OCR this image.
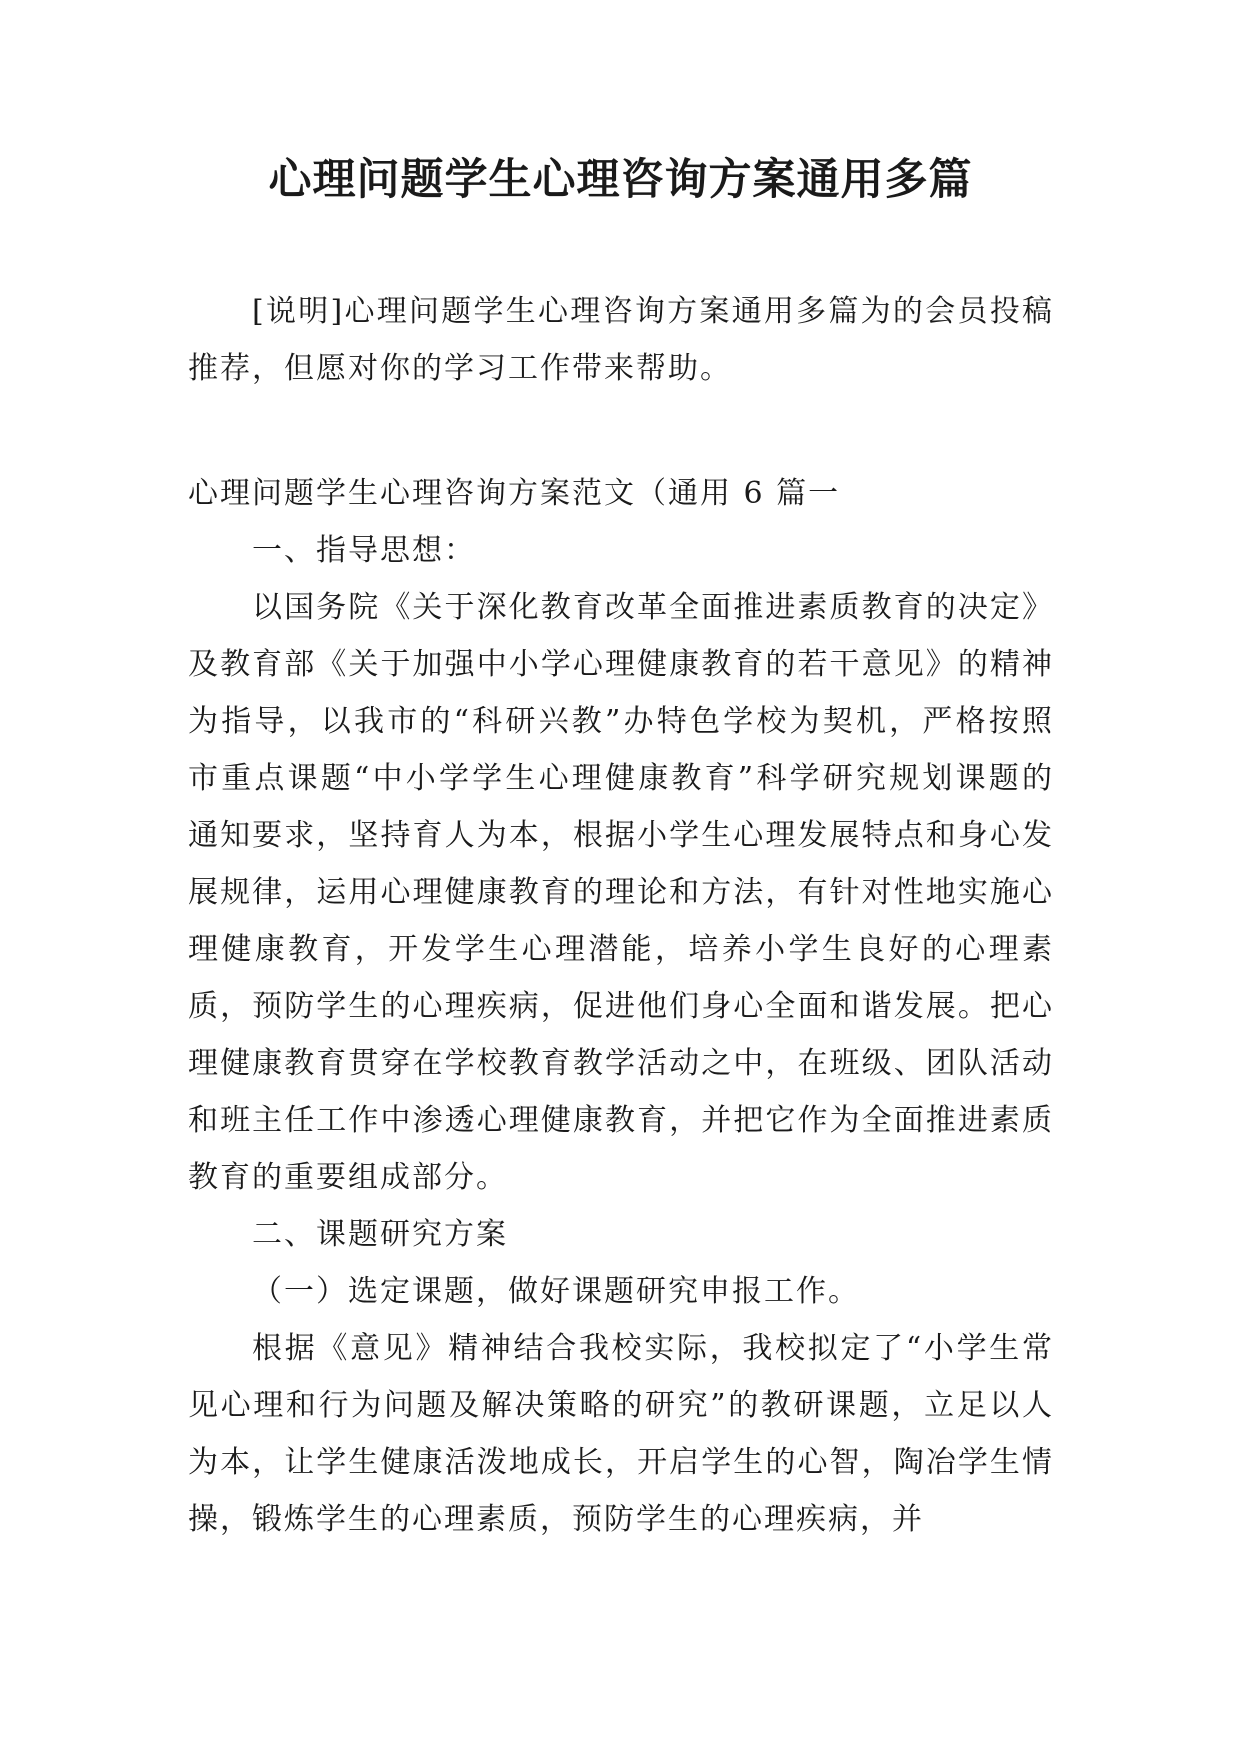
心理问题学生心理咨询方案通用多篇

[说明]心理问题学生心理咨询方案通用多篇为的会员投稿推荐，但愿对你的学习工作带来帮助。

心理问题学生心理咨询方案范文（通用 6 篇一

一、指导思想：

以国务院《关于深化教育改革全面推进素质教育的决定》及教育部《关于加强中小学心理健康教育的若干意见》的精神为指导，以我市的“科研兴教”办特色学校为契机，严格按照市重点课题“中小学学生心理健康教育”科学研究规划课题的通知要求，坚持育人为本，根据小学生心理发展特点和身心发展规律，运用心理健康教育的理论和方法，有针对性地实施心理健康教育，开发学生心理潜能，培养小学生良好的心理素质，预防学生的心理疾病，促进他们身心全面和谐发展。把心理健康教育贯穿在学校教育教学活动之中，在班级、团队活动和班主任工作中渗透心理健康教育，并把它作为全面推进素质教育的重要组成部分。

二、课题研究方案

（一）选定课题，做好课题研究申报工作。

根据《意见》精神结合我校实际，我校拟定了“小学生常见心理和行为问题及解决策略的研究”的教研课题，立足以人为本，让学生健康活泼地成长，开启学生的心智，陶冶学生情操，锻炼学生的心理素质，预防学生的心理疾病，并
